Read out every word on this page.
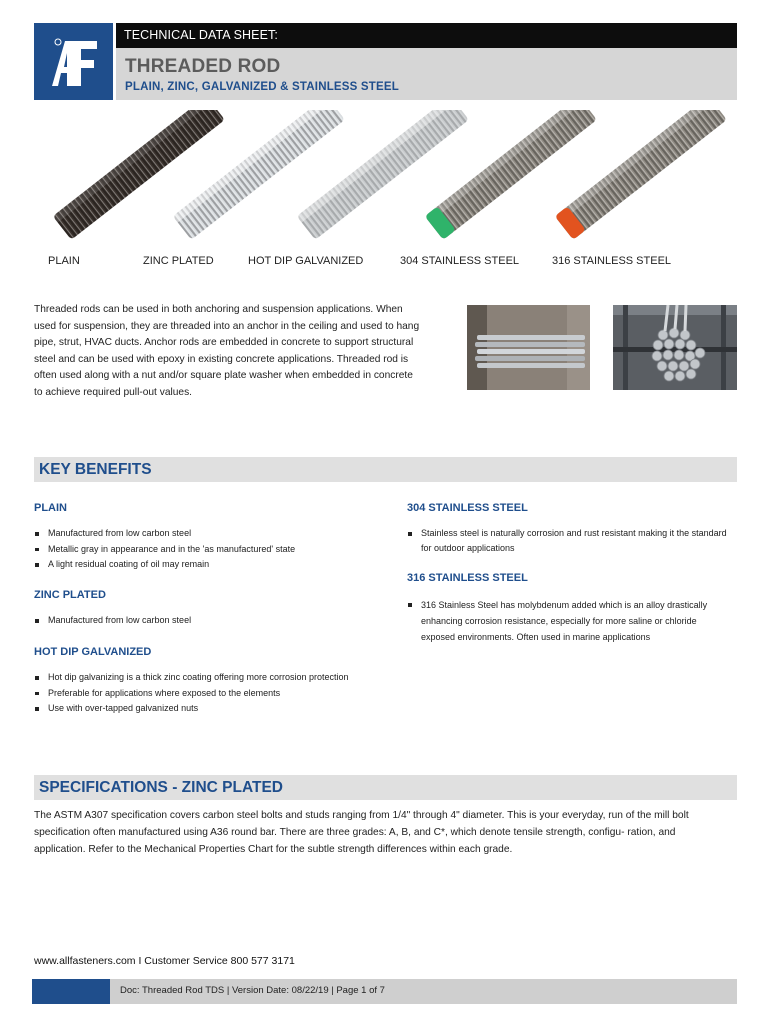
TECHNICAL DATA SHEET:
THREADED ROD
PLAIN, ZINC, GALVANIZED & STAINLESS STEEL
PLAIN	ZINC PLATED	HOT DIP GALVANIZED	304 STAINLESS STEEL	316 STAINLESS STEEL

Threaded rods can be used in both anchoring and suspension applications. When used for suspension, they are threaded into an anchor in the ceiling and used to hang pipe, strut, HVAC ducts. Anchor rods are embedded in concrete to support structural steel and can be used with epoxy in existing concrete applications. Threaded rod is often used along with a nut and/or square plate washer when embedded in concrete to achieve required pull-out values.

KEY BENEFITS
PLAIN
Manufactured from low carbon steel
Metallic gray in appearance and in the 'as manufactured' state
A light residual coating of oil may remain
ZINC PLATED
Manufactured from low carbon steel
HOT DIP GALVANIZED
Hot dip galvanizing is a thick zinc coating offering more corrosion protection
Preferable for applications where exposed to the elements
Use with over-tapped galvanized nuts
304 STAINLESS STEEL
Stainless steel is naturally corrosion and rust resistant making it the standard for outdoor applications
316 STAINLESS STEEL
316 Stainless Steel has molybdenum added which is an alloy drastically enhancing corrosion resistance, especially for more saline or chloride exposed environments. Often used in marine applications
SPECIFICATIONS - ZINC PLATED

The ASTM A307 specification covers carbon steel bolts and studs ranging from 1/4" through 4" diameter. This is your everyday, run of the mill bolt specification often manufactured using A36 round bar. There are three grades: A, B, and C*, which denote tensile strength, configu- ration, and application. Refer to the Mechanical Properties Chart for the subtle strength differences within each grade.

www.allfasteners.com I Customer Service 800 577 3171
Doc: Threaded Rod TDS | Version Date: 08/22/19 | Page 1 of 7
